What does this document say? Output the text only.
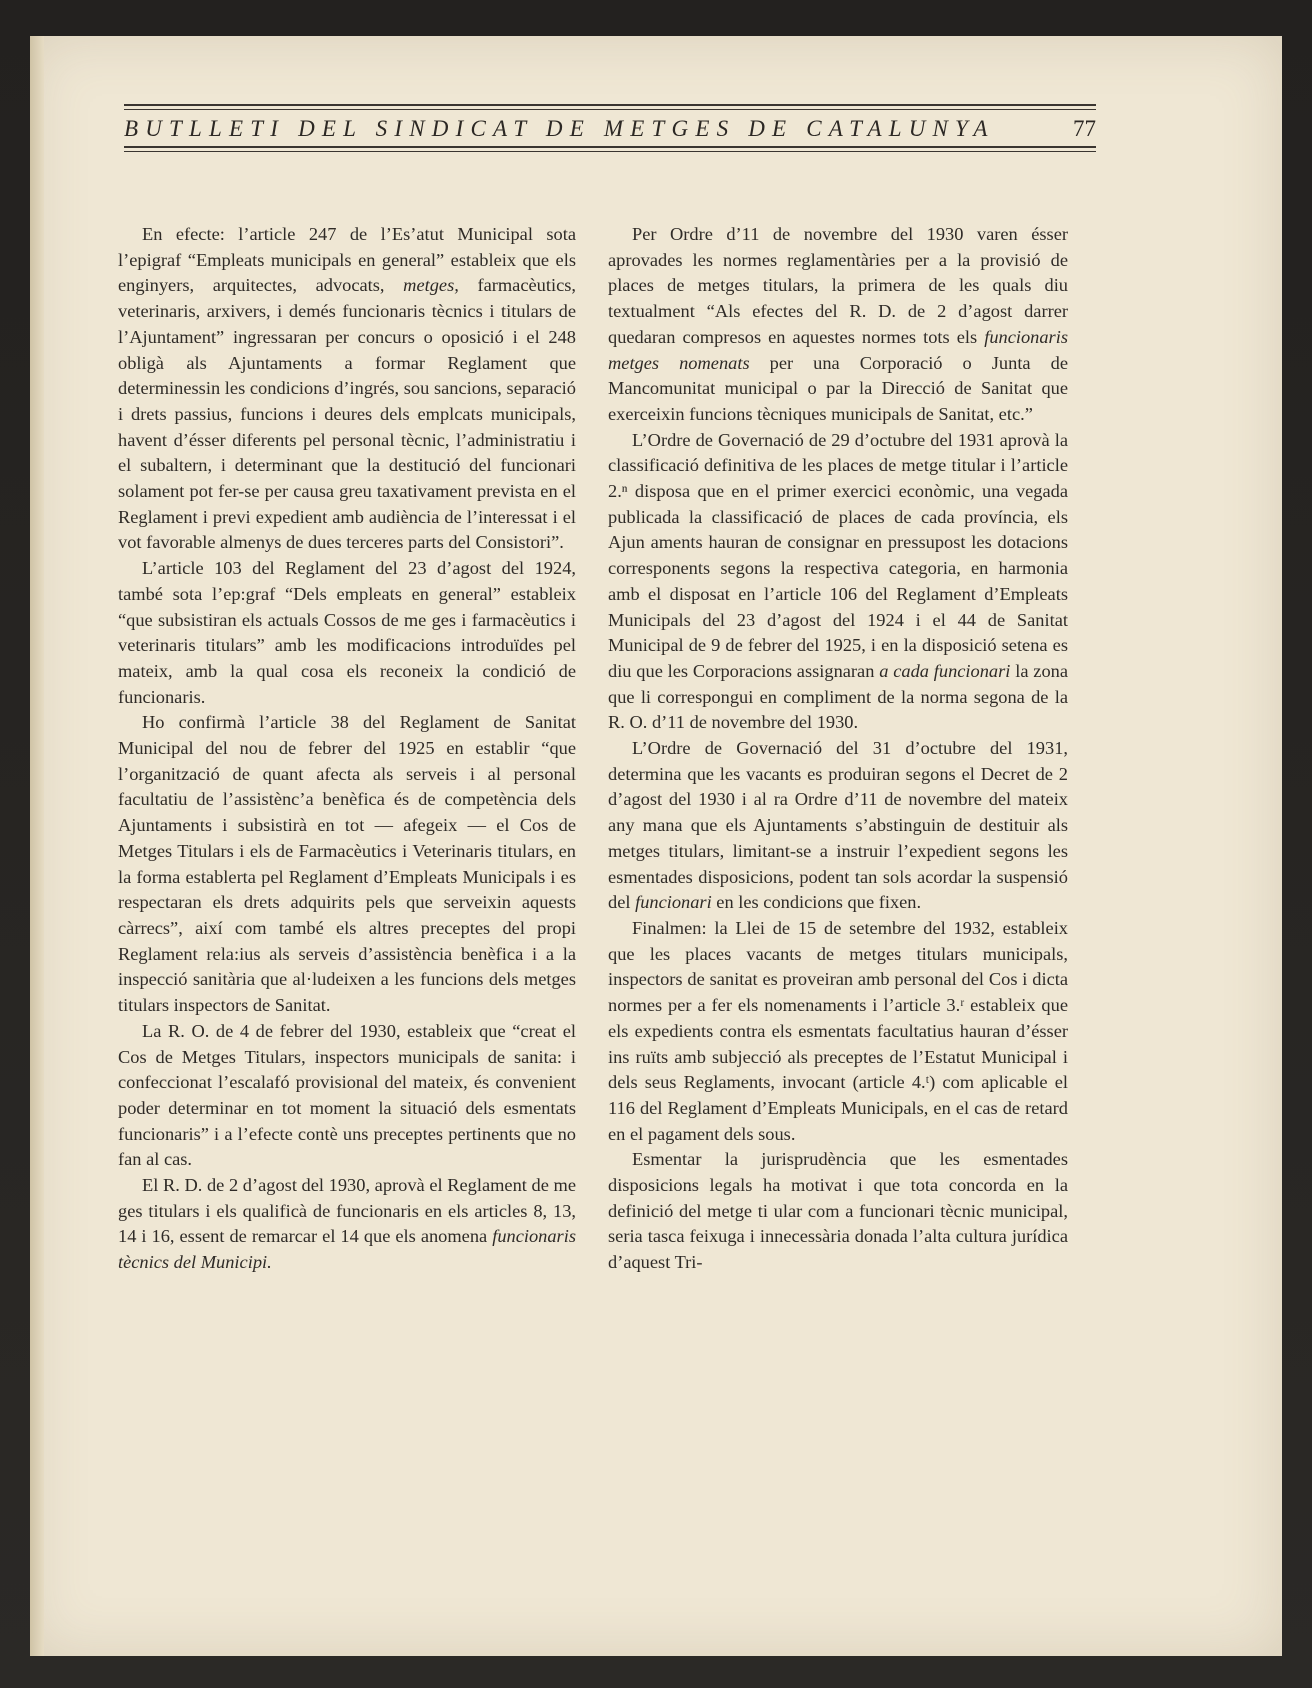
BUTLLETI DEL SINDICAT DE METGES DE CATALUNYA	77

En efecte: l’article 247 de l’Es’atut Municipal sota l’epigraf “Empleats municipals en general” estableix que els enginyers, arquitectes, advocats, metges, farmacèutics, veterinaris, arxivers, i demés funcionaris tècnics i titulars de l’Ajuntament” ingressaran per concurs o oposició i el 248 obligà als Ajuntaments a formar Reglament que determinessin les condicions d’ingrés, sou sancions, separació i drets passius, funcions i deures dels emplcats municipals, havent d’ésser diferents pel personal tècnic, l’administratiu i el subaltern, i determinant que la destitució del funcionari solament pot fer-se per causa greu taxativament prevista en el Reglament i previ expedient amb audiència de l’interessat i el vot favorable almenys de dues terceres parts del Consistori”.

L’article 103 del Reglament del 23 d’agost del 1924, també sota l’ep:graf “Dels empleats en general” estableix “que subsistiran els actuals Cossos de me ges i farmacèutics i veterinaris titulars” amb les modificacions introduïdes pel mateix, amb la qual cosa els reconeix la condició de funcionaris.

Ho confirmà l’article 38 del Reglament de Sanitat Municipal del nou de febrer del 1925 en establir “que l’organització de quant afecta als serveis i al personal facultatiu de l’assistènc’a benèfica és de competència dels Ajuntaments i subsistirà en tot — afegeix — el Cos de Metges Titulars i els de Farmacèutics i Veterinaris titulars, en la forma establerta pel Reglament d’Empleats Municipals i es respectaran els drets adquirits pels que serveixin aquests càrrecs”, així com també els altres preceptes del propi Reglament rela:ius als serveis d’assistència benèfica i a la inspecció sanitària que al·ludeixen a les funcions dels metges titulars inspectors de Sanitat.

La R. O. de 4 de febrer del 1930, estableix que “creat el Cos de Metges Titulars, inspectors municipals de sanita: i confeccionat l’escalafó provisional del mateix, és convenient poder determinar en tot moment la situació dels esmentats funcionaris” i a l’efecte contè uns preceptes pertinents que no fan al cas.

El R. D. de 2 d’agost del 1930, aprovà el Reglament de me ges titulars i els qualificà de funcionaris en els articles 8, 13, 14 i 16, essent de remarcar el 14 que els anomena funcionaris tècnics del Municipi.

Per Ordre d’11 de novembre del 1930 varen ésser aprovades les normes reglamentàries per a la provisió de places de metges titulars, la primera de les quals diu textualment “Als efectes del R. D. de 2 d’agost darrer quedaran compresos en aquestes normes tots els funcionaris metges nomenats per una Corporació o Junta de Mancomunitat municipal o par la Direcció de Sanitat que exerceixin funcions tècniques municipals de Sanitat, etc.”

L’Ordre de Governació de 29 d’octubre del 1931 aprovà la classificació definitiva de les places de metge titular i l’article 2.ⁿ disposa que en el primer exercici econòmic, una vegada publicada la classificació de places de cada província, els Ajun aments hauran de consignar en pressupost les dotacions corresponents segons la respectiva categoria, en harmonia amb el disposat en l’article 106 del Reglament d’Empleats Municipals del 23 d’agost del 1924 i el 44 de Sanitat Municipal de 9 de febrer del 1925, i en la disposició setena es diu que les Corporacions assignaran a cada funcionari la zona que li correspongui en compliment de la norma segona de la R. O. d’11 de novembre del 1930.

L’Ordre de Governació del 31 d’octubre del 1931, determina que les vacants es produiran segons el Decret de 2 d’agost del 1930 i al ra Ordre d’11 de novembre del mateix any mana que els Ajuntaments s’abstinguin de destituir als metges titulars, limitant-se a instruir l’expedient segons les esmentades disposicions, podent tan sols acordar la suspensió del funcionari en les condicions que fixen.

Finalmen: la Llei de 15 de setembre del 1932, estableix que les places vacants de metges titulars municipals, inspectors de sanitat es proveiran amb personal del Cos i dicta normes per a fer els nomenaments i l’article 3.ʳ estableix que els expedients contra els esmentats facultatius hauran d’ésser ins ruïts amb subjecció als preceptes de l’Estatut Municipal i dels seus Reglaments, invocant (article 4.ᵗ) com aplicable el 116 del Reglament d’Empleats Municipals, en el cas de retard en el pagament dels sous.

Esmentar la jurisprudència que les esmentades disposicions legals ha motivat i que tota concorda en la definició del metge ti ular com a funcionari tècnic municipal, seria tasca feixuga i innecessària donada l’alta cultura jurídica d’aquest Tri-
